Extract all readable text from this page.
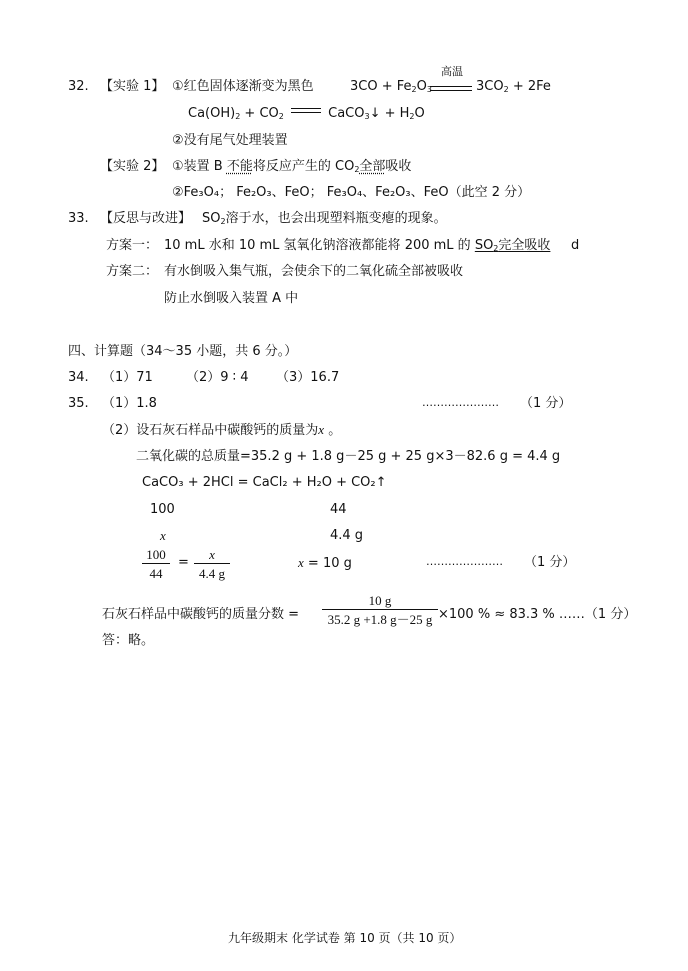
32. 【实验 1】 ①红色固体逐渐变为黑色	$3CO + Fe_2O_3$
高温
$3CO_2 + 2Fe$
$Ca(OH)_2 + CO_2$	CaCO$_3$↓ + $H_2O$
②没有尾气处理装置
【实验 2】 ①装置 B 不能将反应产生的 $CO_2$全部吸收
②Fe₃O₄； Fe₂O₃、FeO； Fe₃O₄、Fe₂O₃、FeO（此空 2 分）
33. 【反思与改进】 $SO_2$溶于水，也会出现塑料瓶变瘪的现象。
方案一： 10 mL 水和 10 mL 氢氧化钠溶液都能将 200 mL 的 $SO_2$完全吸收 d
方案二： 有水倒吸入集气瓶，会使余下的二氧化硫全部被吸收
防止水倒吸入装置 A 中
四、计算题（34～35 小题，共 6 分。）
34. （1）71	（2）9 ∶ 4 （3）16.7
35. （1）1.8	………………… （1 分）
（2）设石灰石样品中碳酸钙的质量为x 。
二氧化碳的总质量=35.2 g + 1.8 g－25 g + 25 g×3－82.6 g = 4.4 g
CaCO₃ + 2HCl = CaCl₂ + H₂O + CO₂↑
100	44
x	4.4 g
$\frac{100}{44} = \frac{x}{4.4 g}$	x = 10 g	………………… （1 分）
石灰石样品中碳酸钙的质量分数 = $\frac{10 g}{35.2 g +1.8 g-25 g} \times 100$ % ≈ 83.3 % ……（1 分）
答：略。
九年级期末 化学试卷 第 10 页（共 10 页）
